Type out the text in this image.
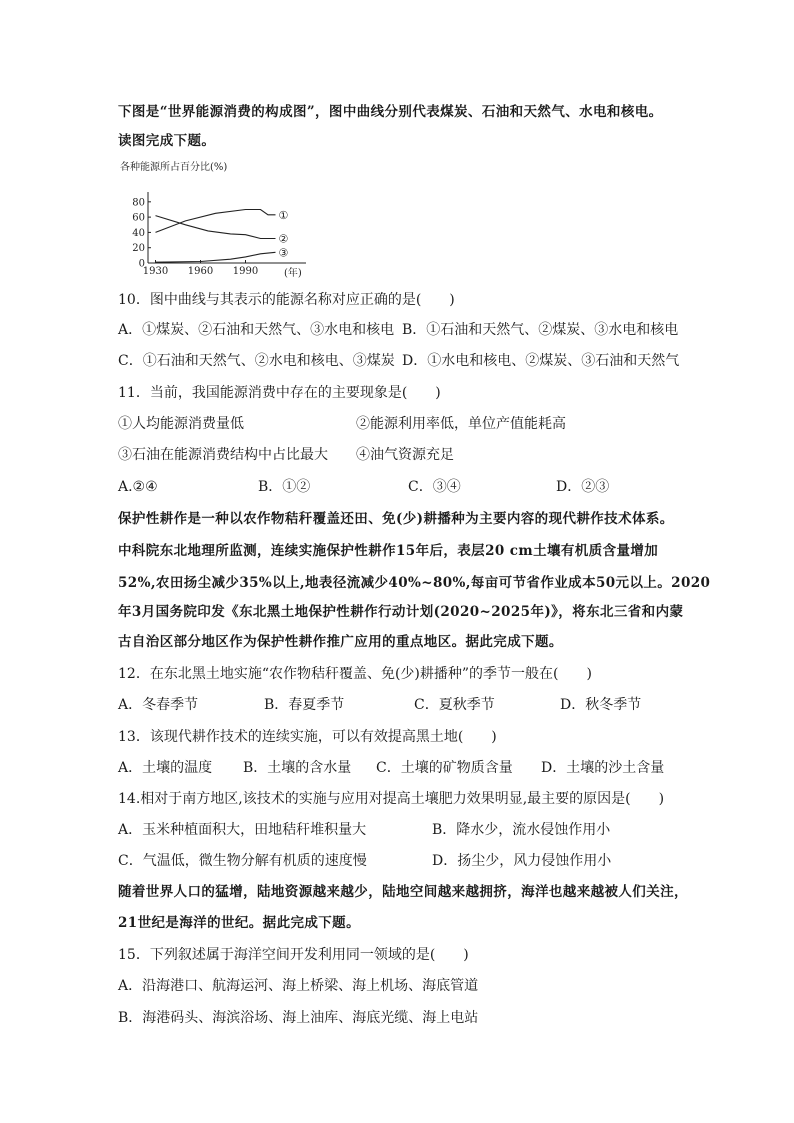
下图是“世界能源消费的构成图”，图中曲线分别代表煤炭、石油和天然气、水电和核电。
读图完成下题。
各种能源所占百分比(%)
0
20
40
60
80
1930 1960 1990
①
②
③
(年)
10．图中曲线与其表示的能源名称对应正确的是(　　)
A．①煤炭、②石油和天然气、③水电和核电 B．①石油和天然气、②煤炭、③水电和核电
C．①石油和天然气、②水电和核电、③煤炭 D．①水电和核电、②煤炭、③石油和天然气
11．当前，我国能源消费中存在的主要现象是(　　)
①人均能源消费量低	②能源利用率低，单位产值能耗高
③石油在能源消费结构中占比最大 ④油气资源充足
A.②④	B．①②	C．③④	D．②③
保护性耕作是一种以农作物秸秆覆盖还田、免(少)耕播种为主要内容的现代耕作技术体系。
中科院东北地理所监测，连续实施保护性耕作15年后，表层20 cm土壤有机质含量增加
52%,农田扬尘减少35%以上,地表径流减少40%~80%,每亩可节省作业成本50元以上。2020
年3月国务院印发《东北黑土地保护性耕作行动计划(2020~2025年)》，将东北三省和内蒙
古自治区部分地区作为保护性耕作推广应用的重点地区。据此完成下题。
12．在东北黑土地实施“农作物秸秆覆盖、免(少)耕播种”的季节一般在(　　)
A．冬春季节	B．春夏季节	C．夏秋季节	D．秋冬季节
13．该现代耕作技术的连续实施，可以有效提高黑土地(　　)
A．土壤的温度 B．土壤的含水量 C．土壤的矿物质含量 D．土壤的沙土含量
14.相对于南方地区,该技术的实施与应用对提高土壤肥力效果明显,最主要的原因是(　　)
A．玉米种植面积大，田地秸秆堆积量大	B．降水少，流水侵蚀作用小
C．气温低，微生物分解有机质的速度慢	D．扬尘少，风力侵蚀作用小
随着世界人口的猛增，陆地资源越来越少，陆地空间越来越拥挤，海洋也越来越被人们关注，
21世纪是海洋的世纪。据此完成下题。
15．下列叙述属于海洋空间开发利用同一领域的是(　　)
A．沿海港口、航海运河、海上桥梁、海上机场、海底管道
B．海港码头、海滨浴场、海上油库、海底光缆、海上电站
